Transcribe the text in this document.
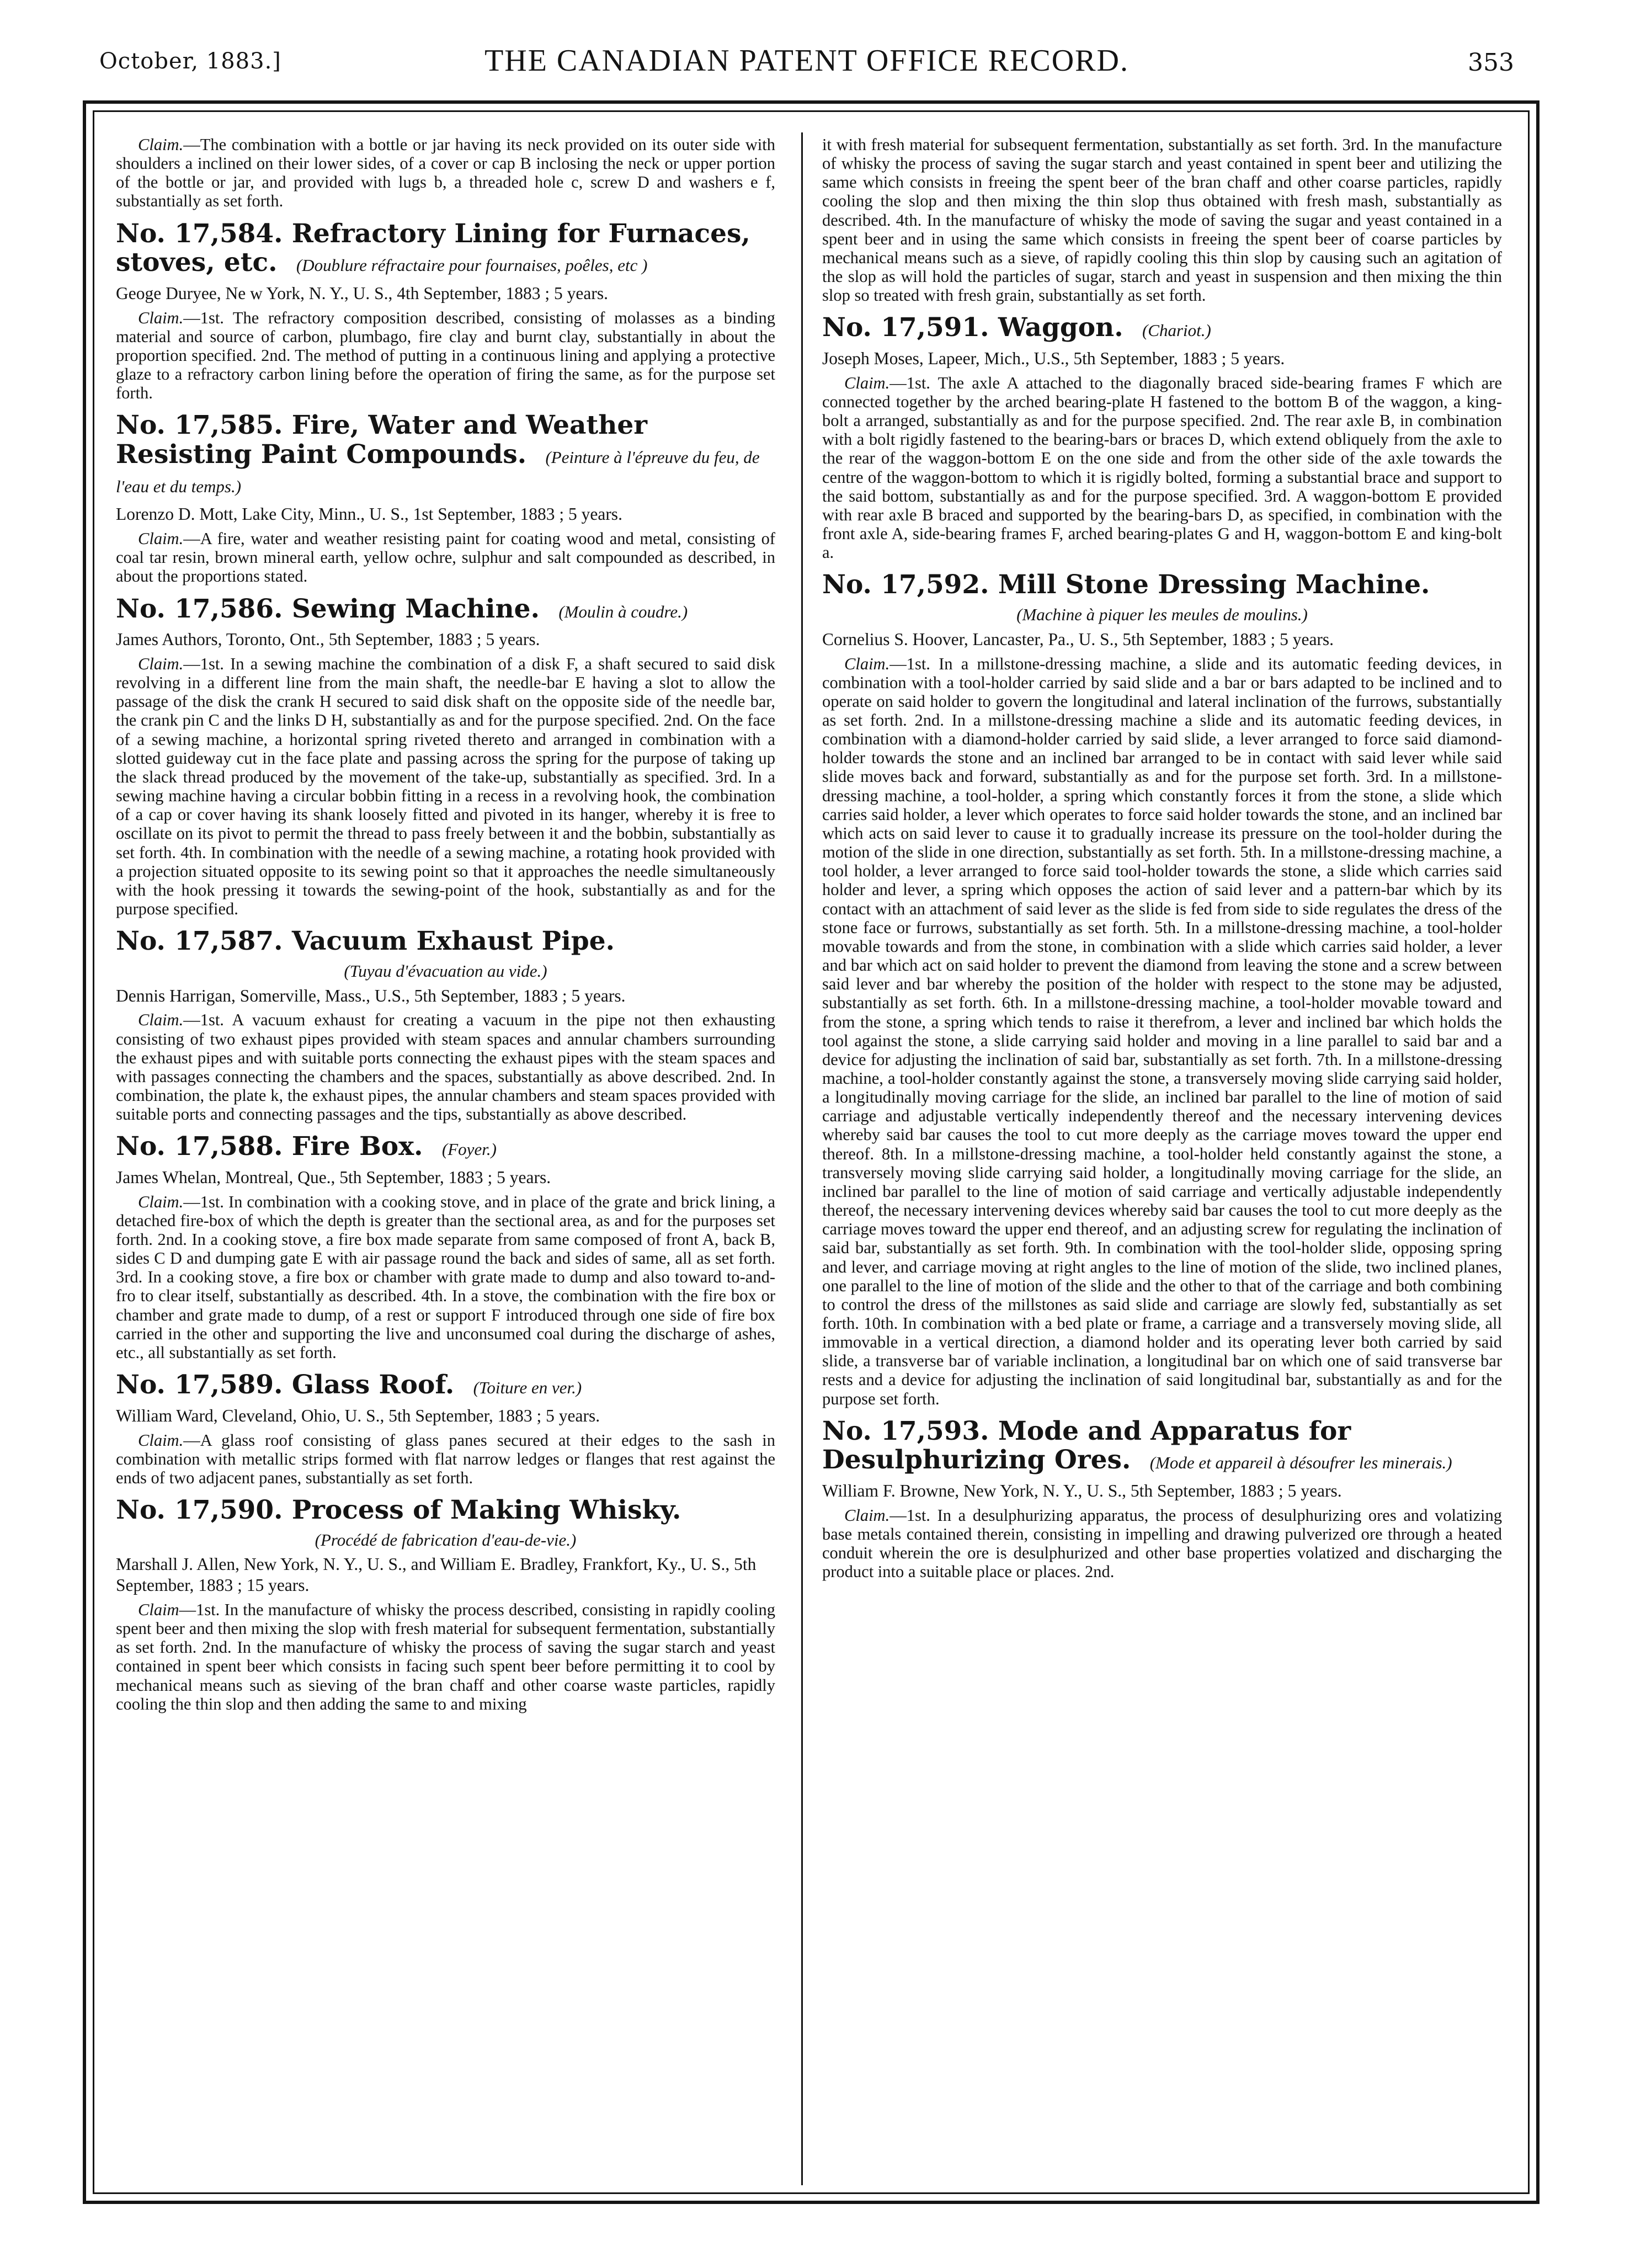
October, 1883.]	THE CANADIAN PATENT OFFICE RECORD.	353

Claim.—The combination with a bottle or jar having its neck provided on its outer side with shoulders a inclined on their lower sides, of a cover or cap B inclosing the neck or upper portion of the bottle or jar, and provided with lugs b, a threaded hole c, screw D and washers e f, substantially as set forth.

No. 17,584. Refractory Lining for Furnaces, stoves, etc. (Doublure réfractaire pour fournaises, poêles, etc )
Geoge Duryee, Ne w York, N. Y., U. S., 4th September, 1883 ; 5 years.

Claim.—1st. The refractory composition described, consisting of molasses as a binding material and source of carbon, plumbago, fire clay and burnt clay, substantially in about the proportion specified. 2nd. The method of putting in a continuous lining and applying a protective glaze to a refractory carbon lining before the operation of firing the same, as for the purpose set forth.

No. 17,585. Fire, Water and Weather Resisting Paint Compounds. (Peinture à l'épreuve du feu, de l'eau et du temps.)
Lorenzo D. Mott, Lake City, Minn., U. S., 1st September, 1883 ; 5 years.

Claim.—A fire, water and weather resisting paint for coating wood and metal, consisting of coal tar resin, brown mineral earth, yellow ochre, sulphur and salt compounded as described, in about the proportions stated.

No. 17,586. Sewing Machine. (Moulin à coudre.)
James Authors, Toronto, Ont., 5th September, 1883 ; 5 years.

Claim.—1st. In a sewing machine the combination of a disk F, a shaft secured to said disk revolving in a different line from the main shaft, the needle-bar E having a slot to allow the passage of the disk the crank H secured to said disk shaft on the opposite side of the needle bar, the crank pin C and the links D H, substantially as and for the purpose specified. 2nd. On the face of a sewing machine, a horizontal spring riveted thereto and arranged in combination with a slotted guideway cut in the face plate and passing across the spring for the purpose of taking up the slack thread produced by the movement of the take-up, substantially as specified. 3rd. In a sewing machine having a circular bobbin fitting in a recess in a revolving hook, the combination of a cap or cover having its shank loosely fitted and pivoted in its hanger, whereby it is free to oscillate on its pivot to permit the thread to pass freely between it and the bobbin, substantially as set forth. 4th. In combination with the needle of a sewing machine, a rotating hook provided with a projection situated opposite to its sewing point so that it approaches the needle simultaneously with the hook pressing it towards the sewing-point of the hook, substantially as and for the purpose specified.

No. 17,587. Vacuum Exhaust Pipe.
(Tuyau d'évacuation au vide.)
Dennis Harrigan, Somerville, Mass., U.S., 5th September, 1883 ; 5 years.

Claim.—1st. A vacuum exhaust for creating a vacuum in the pipe not then exhausting consisting of two exhaust pipes provided with steam spaces and annular chambers surrounding the exhaust pipes and with suitable ports connecting the exhaust pipes with the steam spaces and with passages connecting the chambers and the spaces, substantially as above described. 2nd. In combination, the plate k, the exhaust pipes, the annular chambers and steam spaces provided with suitable ports and connecting passages and the tips, substantially as above described.

No. 17,588. Fire Box. (Foyer.)
James Whelan, Montreal, Que., 5th September, 1883 ; 5 years.

Claim.—1st. In combination with a cooking stove, and in place of the grate and brick lining, a detached fire-box of which the depth is greater than the sectional area, as and for the purposes set forth. 2nd. In a cooking stove, a fire box made separate from same composed of front A, back B, sides C D and dumping gate E with air passage round the back and sides of same, all as set forth. 3rd. In a cooking stove, a fire box or chamber with grate made to dump and also toward to-and-fro to clear itself, substantially as described. 4th. In a stove, the combination with the fire box or chamber and grate made to dump, of a rest or support F introduced through one side of fire box carried in the other and supporting the live and unconsumed coal during the discharge of ashes, etc., all substantially as set forth.

No. 17,589. Glass Roof. (Toiture en ver.)
William Ward, Cleveland, Ohio, U. S., 5th September, 1883 ; 5 years.

Claim.—A glass roof consisting of glass panes secured at their edges to the sash in combination with metallic strips formed with flat narrow ledges or flanges that rest against the ends of two adjacent panes, substantially as set forth.

No. 17,590. Process of Making Whisky.
(Procédé de fabrication d'eau-de-vie.)
Marshall J. Allen, New York, N. Y., U. S., and William E. Bradley, Frankfort, Ky., U. S., 5th September, 1883 ; 15 years.

Claim—1st. In the manufacture of whisky the process described, consisting in rapidly cooling spent beer and then mixing the slop with fresh material for subsequent fermentation, substantially as set forth. 2nd. In the manufacture of whisky the process of saving the sugar starch and yeast contained in spent beer which consists in facing such spent beer before permitting it to cool by mechanical means such as sieving of the bran chaff and other coarse waste particles, rapidly cooling the thin slop and then adding the same to and mixing

it with fresh material for subsequent fermentation, substantially as set forth. 3rd. In the manufacture of whisky the process of saving the sugar starch and yeast contained in spent beer and utilizing the same which consists in freeing the spent beer of the bran chaff and other coarse particles, rapidly cooling the slop and then mixing the thin slop thus obtained with fresh mash, substantially as described. 4th. In the manufacture of whisky the mode of saving the sugar and yeast contained in a spent beer and in using the same which consists in freeing the spent beer of coarse particles by mechanical means such as a sieve, of rapidly cooling this thin slop by causing such an agitation of the slop as will hold the particles of sugar, starch and yeast in suspension and then mixing the thin slop so treated with fresh grain, substantially as set forth.

No. 17,591. Waggon. (Chariot.)
Joseph Moses, Lapeer, Mich., U.S., 5th September, 1883 ; 5 years.

Claim.—1st. The axle A attached to the diagonally braced side-bearing frames F which are connected together by the arched bearing-plate H fastened to the bottom B of the waggon, a king-bolt a arranged, substantially as and for the purpose specified. 2nd. The rear axle B, in combination with a bolt rigidly fastened to the bearing-bars or braces D, which extend obliquely from the axle to the rear of the waggon-bottom E on the one side and from the other side of the axle towards the centre of the waggon-bottom to which it is rigidly bolted, forming a substantial brace and support to the said bottom, substantially as and for the purpose specified. 3rd. A waggon-bottom E provided with rear axle B braced and supported by the bearing-bars D, as specified, in combination with the front axle A, side-bearing frames F, arched bearing-plates G and H, waggon-bottom E and king-bolt a.

No. 17,592. Mill Stone Dressing Machine.
(Machine à piquer les meules de moulins.)
Cornelius S. Hoover, Lancaster, Pa., U. S., 5th September, 1883 ; 5 years.

Claim.—1st. In a millstone-dressing machine, a slide and its automatic feeding devices, in combination with a tool-holder carried by said slide and a bar or bars adapted to be inclined and to operate on said holder to govern the longitudinal and lateral inclination of the furrows, substantially as set forth. 2nd. In a millstone-dressing machine a slide and its automatic feeding devices, in combination with a diamond-holder carried by said slide, a lever arranged to force said diamond-holder towards the stone and an inclined bar arranged to be in contact with said lever while said slide moves back and forward, substantially as and for the purpose set forth. 3rd. In a millstone-dressing machine, a tool-holder, a spring which constantly forces it from the stone, a slide which carries said holder, a lever which operates to force said holder towards the stone, and an inclined bar which acts on said lever to cause it to gradually increase its pressure on the tool-holder during the motion of the slide in one direction, substantially as set forth. 5th. In a millstone-dressing machine, a tool holder, a lever arranged to force said tool-holder towards the stone, a slide which carries said holder and lever, a spring which opposes the action of said lever and a pattern-bar which by its contact with an attachment of said lever as the slide is fed from side to side regulates the dress of the stone face or furrows, substantially as set forth. 5th. In a millstone-dressing machine, a tool-holder movable towards and from the stone, in combination with a slide which carries said holder, a lever and bar which act on said holder to prevent the diamond from leaving the stone and a screw between said lever and bar whereby the position of the holder with respect to the stone may be adjusted, substantially as set forth. 6th. In a millstone-dressing machine, a tool-holder movable toward and from the stone, a spring which tends to raise it therefrom, a lever and inclined bar which holds the tool against the stone, a slide carrying said holder and moving in a line parallel to said bar and a device for adjusting the inclination of said bar, substantially as set forth. 7th. In a millstone-dressing machine, a tool-holder constantly against the stone, a transversely moving slide carrying said holder, a longitudinally moving carriage for the slide, an inclined bar parallel to the line of motion of said carriage and adjustable vertically independently thereof and the necessary intervening devices whereby said bar causes the tool to cut more deeply as the carriage moves toward the upper end thereof. 8th. In a millstone-dressing machine, a tool-holder held constantly against the stone, a transversely moving slide carrying said holder, a longitudinally moving carriage for the slide, an inclined bar parallel to the line of motion of said carriage and vertically adjustable independently thereof, the necessary intervening devices whereby said bar causes the tool to cut more deeply as the carriage moves toward the upper end thereof, and an adjusting screw for regulating the inclination of said bar, substantially as set forth. 9th. In combination with the tool-holder slide, opposing spring and lever, and carriage moving at right angles to the line of motion of the slide, two inclined planes, one parallel to the line of motion of the slide and the other to that of the carriage and both combining to control the dress of the millstones as said slide and carriage are slowly fed, substantially as set forth. 10th. In combination with a bed plate or frame, a carriage and a transversely moving slide, all immovable in a vertical direction, a diamond holder and its operating lever both carried by said slide, a transverse bar of variable inclination, a longitudinal bar on which one of said transverse bar rests and a device for adjusting the inclination of said longitudinal bar, substantially as and for the purpose set forth.

No. 17,593. Mode and Apparatus for Desulphurizing Ores. (Mode et appareil à désoufrer les minerais.)
William F. Browne, New York, N. Y., U. S., 5th September, 1883 ; 5 years.

Claim.—1st. In a desulphurizing apparatus, the process of desulphurizing ores and volatizing base metals contained therein, consisting in impelling and drawing pulverized ore through a heated conduit wherein the ore is desulphurized and other base properties volatized and discharging the product into a suitable place or places. 2nd.
